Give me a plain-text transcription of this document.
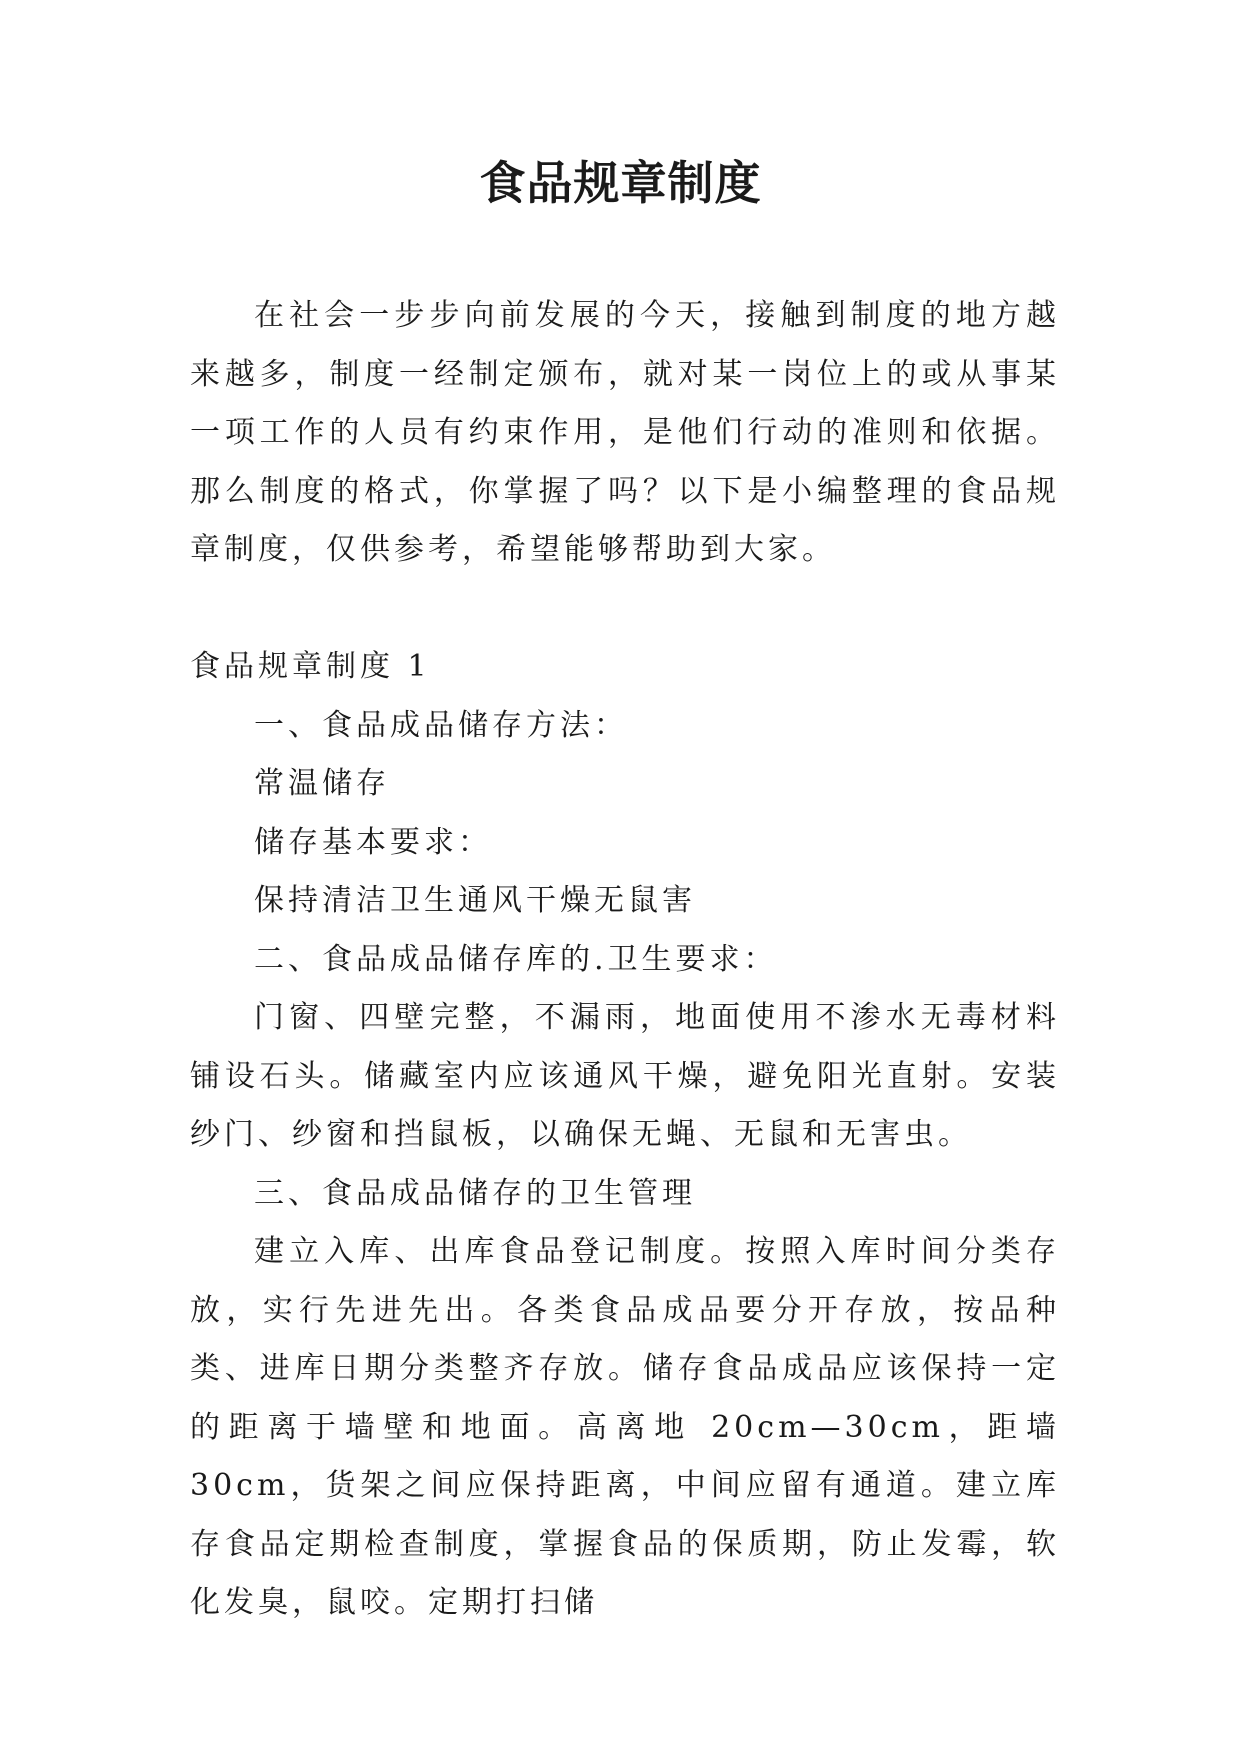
食品规章制度

在社会一步步向前发展的今天，接触到制度的地方越来越多，制度一经制定颁布，就对某一岗位上的或从事某一项工作的人员有约束作用，是他们行动的准则和依据。那么制度的格式，你掌握了吗？以下是小编整理的食品规章制度，仅供参考，希望能够帮助到大家。

食品规章制度 1

一、食品成品储存方法：

常温储存

储存基本要求：

保持清洁卫生通风干燥无鼠害

二、食品成品储存库的.卫生要求：

门窗、四壁完整，不漏雨，地面使用不渗水无毒材料铺设石头。储藏室内应该通风干燥，避免阳光直射。安装纱门、纱窗和挡鼠板，以确保无蝇、无鼠和无害虫。

三、食品成品储存的卫生管理

建立入库、出库食品登记制度。按照入库时间分类存放，实行先进先出。各类食品成品要分开存放，按品种类、进库日期分类整齐存放。储存食品成品应该保持一定的距离于墙壁和地面。高离地 20cm—30cm，距墙 30cm，货架之间应保持距离，中间应留有通道。建立库存食品定期检查制度，掌握食品的保质期，防止发霉，软化发臭，鼠咬。定期打扫储
